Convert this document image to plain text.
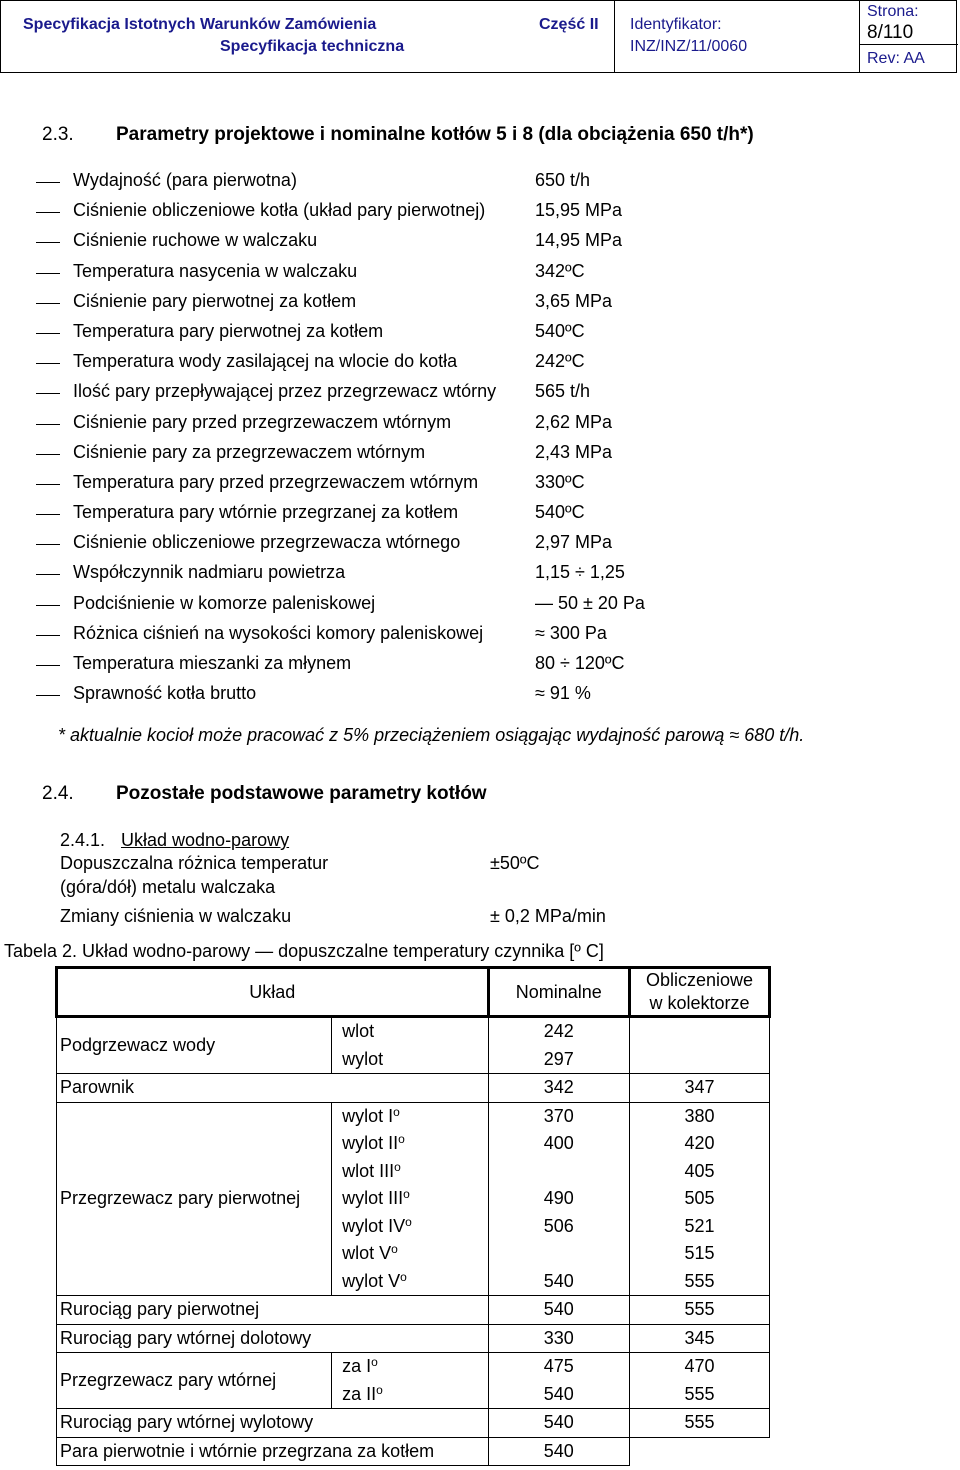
Specyfikacja Istotnych Warunków Zamówienia
Specyfikacja techniczna
Część II Identyfikator:
INZ/INZ/11/0060
Strona:
8/110
Rev: AA
2.3. Parametry projektowe i nominalne kotłów 5 i 8 (dla obciążenia 650 t/h*)
Wydajność (para pierwotna)	650 t/h
Ciśnienie obliczeniowe kotła (układ pary pierwotnej)	15,95 MPa
Ciśnienie ruchowe w walczaku	14,95 MPa
Temperatura nasycenia w walczaku	342ºC
Ciśnienie pary pierwotnej za kotłem	3,65 MPa
Temperatura pary pierwotnej za kotłem	540ºC
Temperatura wody zasilającej na wlocie do kotła	242ºC
Ilość pary przepływającej przez przegrzewacz wtórny 565 t/h
Ciśnienie pary przed przegrzewaczem wtórnym	2,62 MPa
Ciśnienie pary za przegrzewaczem wtórnym	2,43 MPa
Temperatura pary przed przegrzewaczem wtórnym	330ºC
Temperatura pary wtórnie przegrzanej za kotłem	540ºC
Ciśnienie obliczeniowe przegrzewacza wtórnego	2,97 MPa
Współczynnik nadmiaru powietrza	1,15 ÷ 1,25
Podciśnienie w komorze paleniskowej	— 50 ± 20 Pa
Różnica ciśnień na wysokości komory paleniskowej	≈ 300 Pa
Temperatura mieszanki za młynem	80 ÷ 120ºC
Sprawność kotła brutto	≈ 91 %
* aktualnie kocioł może pracować z 5% przeciążeniem osiągając wydajność parową ≈ 680 t/h.
2.4. Pozostałe podstawowe parametry kotłów
2.4.1. Układ wodno-parowy
Dopuszczalna różnica temperatur
(góra/dół) metalu walczaka
±50ºC
Zmiany ciśnienia w walczaku	± 0,2 MPa/min
Tabela 2. Układ wodno-parowy — dopuszczalne temperatury czynnika [º C]
Układ		Nominalne	Obliczeniowe
w kolektorze
Podgrzewacz wody	wlot	242	
	wylot	297	
Parownik		342	347
Przegrzewacz pary pierwotnej	wylot $I^o$	370	380
	wylot $II^o$	400	420
	wlot III$^o$		405
	wylot III$^o$	490	505
	wylot $IV^o$	506	521
	wlot $V^o$		515
	wylot $V^o$	540	555
Rurociąg pary pierwotnej		540	555
Rurociąg pary wtórnej dolotowy		330	345
Przegrzewacz pary wtórnej	za $I^o$	475	470
	za $II^o$	540	555
Rurociąg pary wtórnej wylotowy		540	555
Para pierwotnie i wtórnie przegrzana za kotłem		540	
